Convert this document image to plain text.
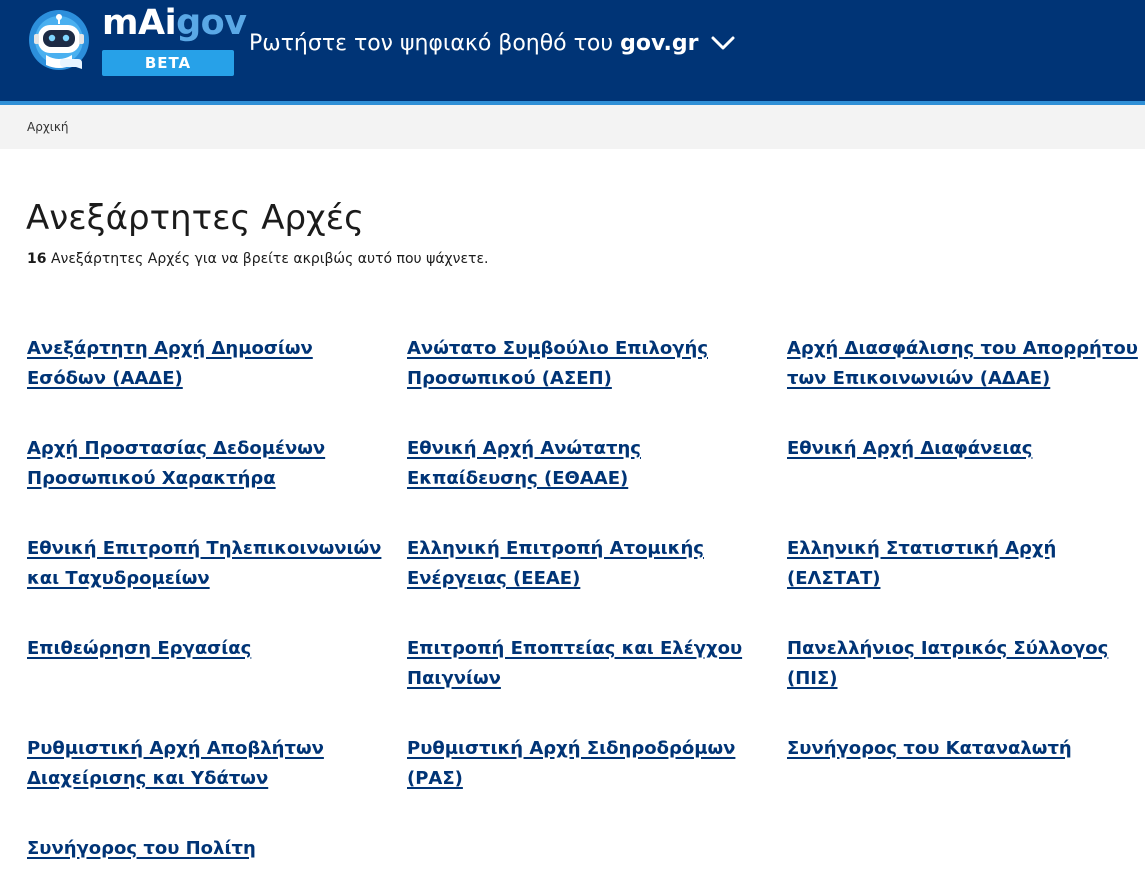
mAigov
BETA
Ρωτήστε τον ψηφιακό βοηθό του
gov.gr
Αρχική
Ανεξάρτητες Αρχές
16 Ανεξάρτητες Αρχές για να βρείτε ακριβώς αυτό που ψάχνετε.
Ανεξάρτητη Αρχή Δημοσίων Εσόδων (ΑΑΔΕ)
Ανώτατο Συμβούλιο Επιλογής Προσωπικού (ΑΣΕΠ)
Αρχή Διασφάλισης του Απορρήτου των Επικοινωνιών (ΑΔΑΕ)
Αρχή Προστασίας Δεδομένων Προσωπικού Χαρακτήρα
Εθνική Αρχή Ανώτατης Εκπαίδευσης (ΕΘΑΑΕ)
Εθνική Αρχή Διαφάνειας
Εθνική Επιτροπή Τηλεπικοινωνιών και Ταχυδρομείων
Ελληνική Επιτροπή Ατομικής Ενέργειας (ΕΕΑΕ)
Ελληνική Στατιστική Αρχή (ΕΛΣΤΑΤ)
Επιθεώρηση Εργασίας	Επιτροπή Εποπτείας και Ελέγχου Παιγνίων
Πανελλήνιος Ιατρικός Σύλλογος (ΠΙΣ)
Ρυθμιστική Αρχή Αποβλήτων Διαχείρισης και Υδάτων
Ρυθμιστική Αρχή Σιδηροδρόμων (ΡΑΣ)
Συνήγορος του Καταναλωτή
Συνήγορος του Πολίτη
